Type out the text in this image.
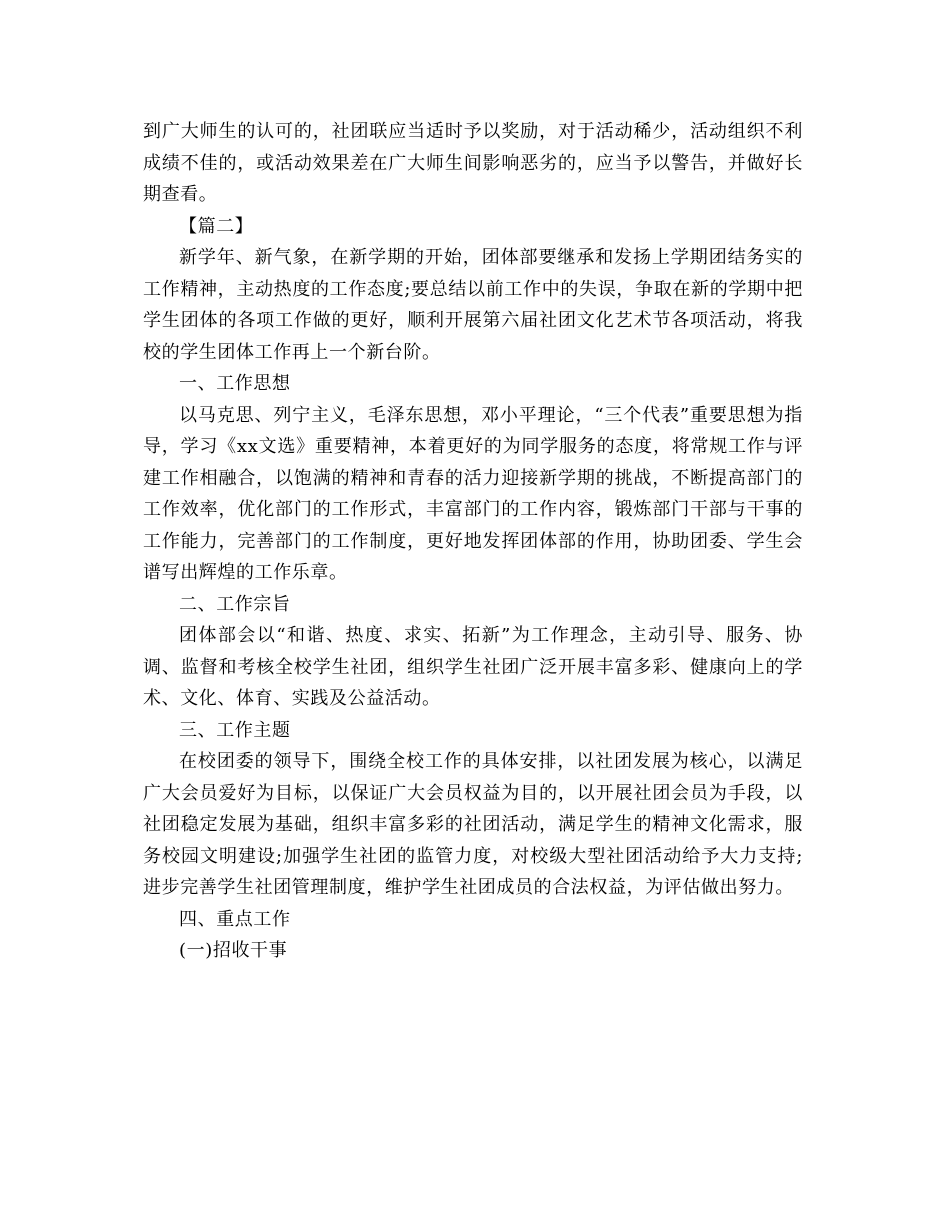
到广大师生的认可的，社团联应当适时予以奖励，对于活动稀少，活动组织不利成绩不佳的，或活动效果差在广大师生间影响恶劣的，应当予以警告，并做好长期查看。

【篇二】

新学年、新气象，在新学期的开始，团体部要继承和发扬上学期团结务实的工作精神，主动热度的工作态度;要总结以前工作中的失误，争取在新的学期中把学生团体的各项工作做的更好，顺利开展第六届社团文化艺术节各项活动，将我校的学生团体工作再上一个新台阶。

一、工作思想

以马克思、列宁主义，毛泽东思想，邓小平理论，“三个代表”重要思想为指导，学习《xx文选》重要精神，本着更好的为同学服务的态度，将常规工作与评建工作相融合，以饱满的精神和青春的活力迎接新学期的挑战，不断提高部门的工作效率，优化部门的工作形式，丰富部门的工作内容，锻炼部门干部与干事的工作能力，完善部门的工作制度，更好地发挥团体部的作用，协助团委、学生会谱写出辉煌的工作乐章。

二、工作宗旨

团体部会以“和谐、热度、求实、拓新”为工作理念，主动引导、服务、协调、监督和考核全校学生社团，组织学生社团广泛开展丰富多彩、健康向上的学术、文化、体育、实践及公益活动。

三、工作主题

在校团委的领导下，围绕全校工作的具体安排，以社团发展为核心，以满足广大会员爱好为目标，以保证广大会员权益为目的，以开展社团会员为手段，以社团稳定发展为基础，组织丰富多彩的社团活动，满足学生的精神文化需求，服务校园文明建设;加强学生社团的监管力度，对校级大型社团活动给予大力支持;进步完善学生社团管理制度，维护学生社团成员的合法权益，为评估做出努力。

四、重点工作

(一)招收干事
